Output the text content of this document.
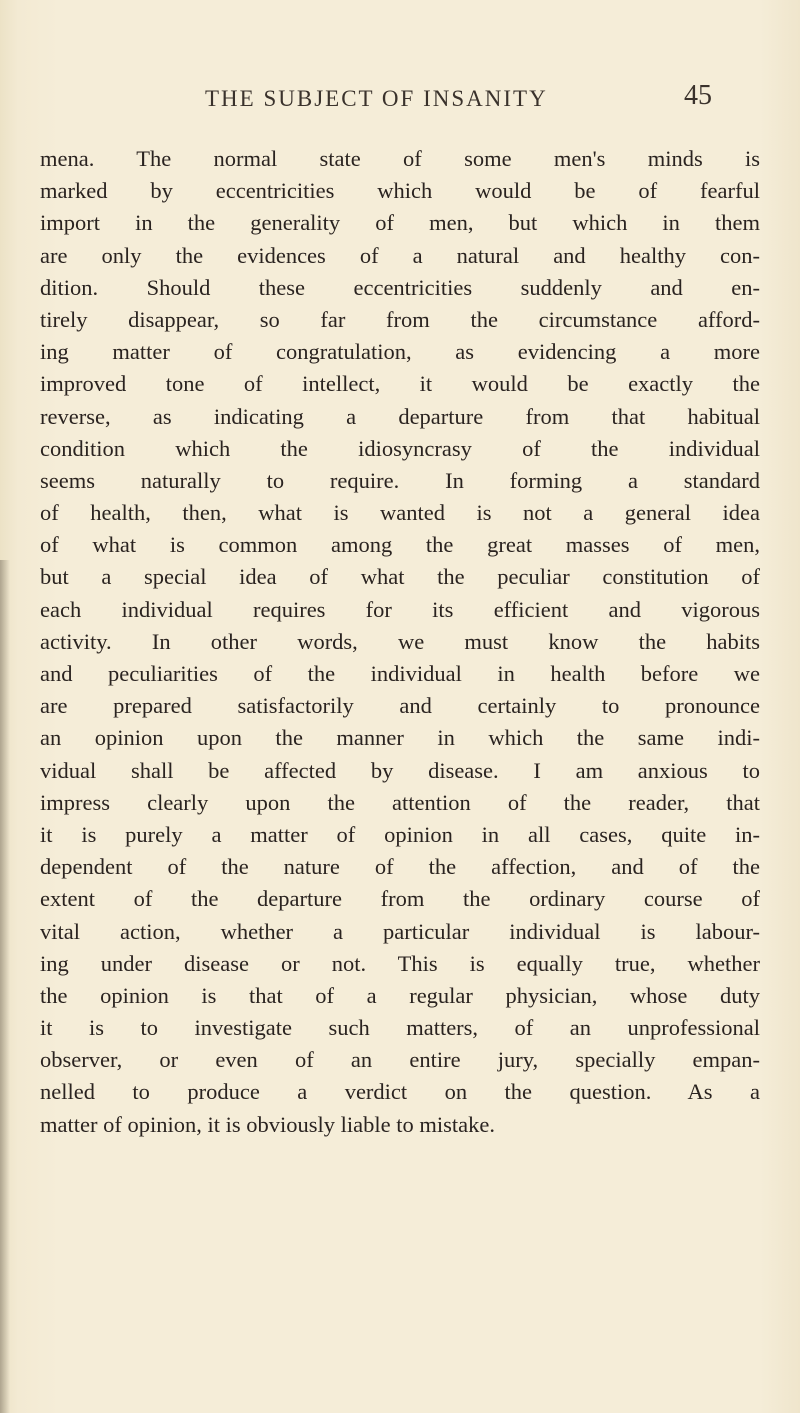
THE SUBJECT OF INSANITY	45
mena. The normal state of some men's minds is
marked by eccentricities which would be of fearful
import in the generality of men, but which in them
are only the evidences of a natural and healthy con-
dition. Should these eccentricities suddenly and en-
tirely disappear, so far from the circumstance afford-
ing matter of congratulation, as evidencing a more
improved tone of intellect, it would be exactly the
reverse, as indicating a departure from that habitual
condition which the idiosyncrasy of the individual
seems naturally to require. In forming a standard
of health, then, what is wanted is not a general idea
of what is common among the great masses of men,
but a special idea of what the peculiar constitution of
each individual requires for its efficient and vigorous
activity. In other words, we must know the habits
and peculiarities of the individual in health before we
are prepared satisfactorily and certainly to pronounce
an opinion upon the manner in which the same indi-
vidual shall be affected by disease. I am anxious to
impress clearly upon the attention of the reader, that
it is purely a matter of opinion in all cases, quite in-
dependent of the nature of the affection, and of the
extent of the departure from the ordinary course of
vital action, whether a particular individual is labour-
ing under disease or not. This is equally true, whether
the opinion is that of a regular physician, whose duty
it is to investigate such matters, of an unprofessional
observer, or even of an entire jury, specially empan-
nelled to produce a verdict on the question. As a
matter of opinion, it is obviously liable to mistake.
